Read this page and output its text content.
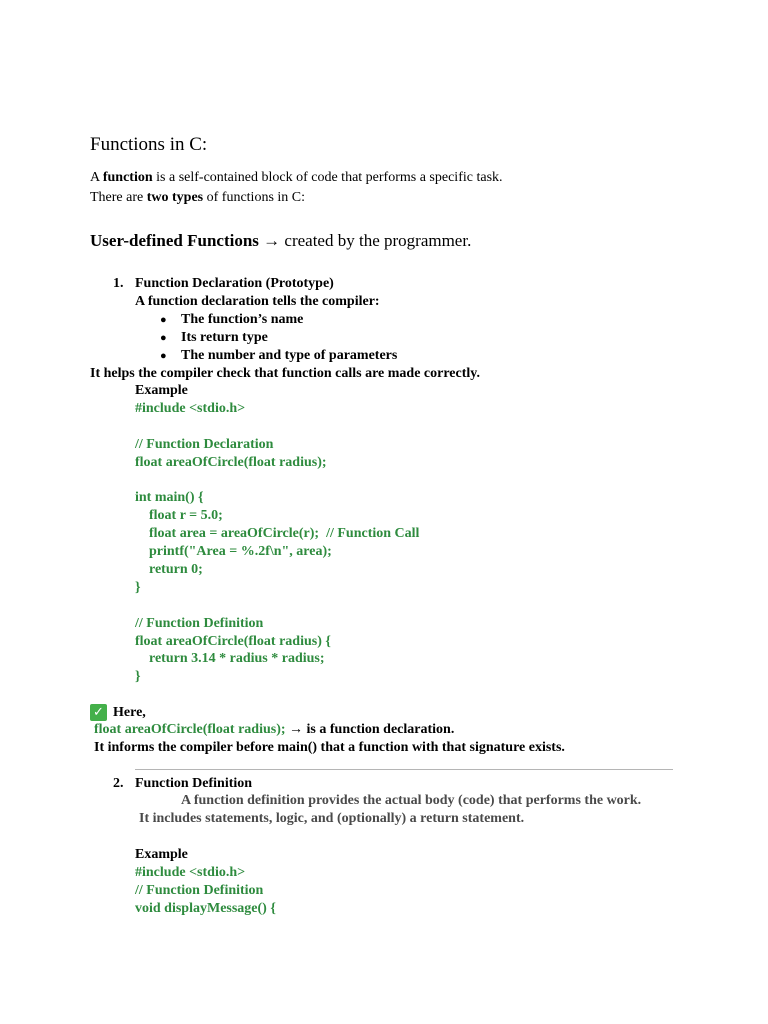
Functions in C:
A function is a self-contained block of code that performs a specific task.
There are two types of functions in C:
User-defined Functions → created by the programmer.
1. Function Declaration (Prototype)
A function declaration tells the compiler:
● The function’s name
● Its return type
● The number and type of parameters
It helps the compiler check that function calls are made correctly.
Example
#include <stdio.h>
// Function Declaration
float areaOfCircle(float radius);
int main() {
float r = 5.0;
float area = areaOfCircle(r);  // Function Call
printf("Area = %.2f\n", area);
return 0;
}
// Function Definition
float areaOfCircle(float radius) {
return 3.14 * radius * radius;
}
✓ Here,
float areaOfCircle(float radius); → is a function declaration.
It informs the compiler before main() that a function with that signature exists.
2. Function Definition
A function definition provides the actual body (code) that performs the work.
It includes statements, logic, and (optionally) a return statement.
Example
#include <stdio.h>
// Function Definition
void displayMessage() {
